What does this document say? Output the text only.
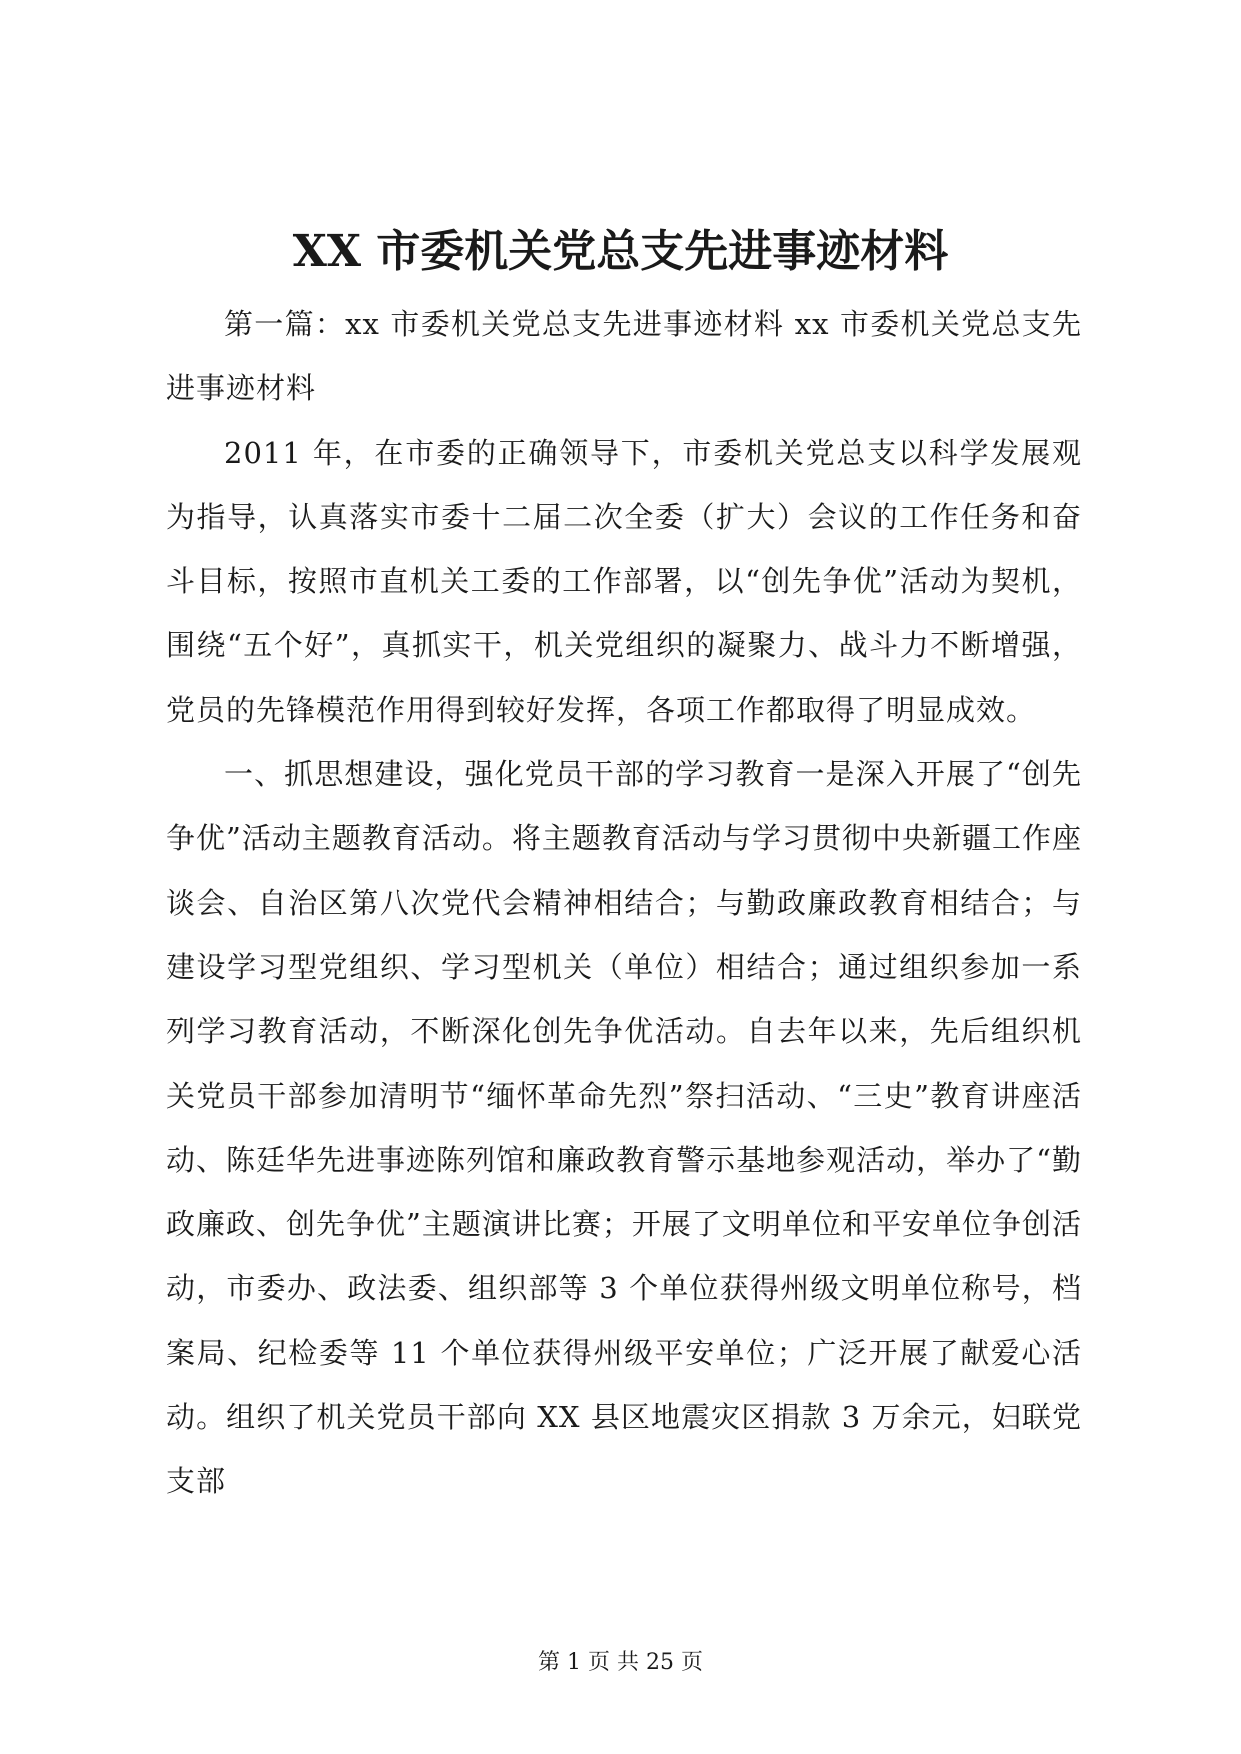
XX 市委机关党总支先进事迹材料

第一篇：xx 市委机关党总支先进事迹材料 xx 市委机关党总支先进事迹材料

2011 年，在市委的正确领导下，市委机关党总支以科学发展观为指导，认真落实市委十二届二次全委（扩大）会议的工作任务和奋斗目标，按照市直机关工委的工作部署，以“创先争优”活动为契机，围绕“五个好”，真抓实干，机关党组织的凝聚力、战斗力不断增强，党员的先锋模范作用得到较好发挥，各项工作都取得了明显成效。

一、抓思想建设，强化党员干部的学习教育一是深入开展了“创先争优”活动主题教育活动。将主题教育活动与学习贯彻中央新疆工作座谈会、自治区第八次党代会精神相结合；与勤政廉政教育相结合；与建设学习型党组织、学习型机关（单位）相结合；通过组织参加一系列学习教育活动，不断深化创先争优活动。自去年以来，先后组织机关党员干部参加清明节“缅怀革命先烈”祭扫活动、“三史”教育讲座活动、陈廷华先进事迹陈列馆和廉政教育警示基地参观活动，举办了“勤政廉政、创先争优”主题演讲比赛；开展了文明单位和平安单位争创活动，市委办、政法委、组织部等 3 个单位获得州级文明单位称号，档案局、纪检委等 11 个单位获得州级平安单位；广泛开展了献爱心活动。组织了机关党员干部向 XX 县区地震灾区捐款 3 万余元，妇联党支部

第 1 页 共 25 页
